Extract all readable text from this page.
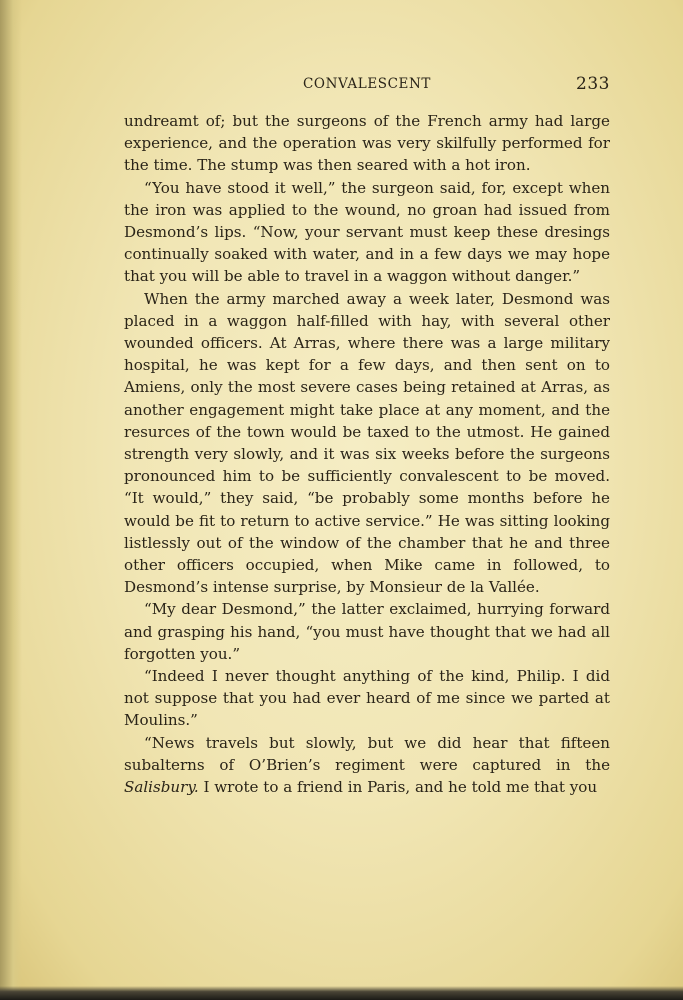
CONVALESCENT	233

undreamt of; but the surgeons of the French army had large experience, and the operation was very skilfully performed for the time. The stump was then seared with a hot iron.

“You have stood it well,” the surgeon said, for, except when the iron was applied to the wound, no groan had issued from Desmond’s lips. “Now, your servant must keep these dresings continually soaked with water, and in a few days we may hope that you will be able to travel in a waggon without danger.”

When the army marched away a week later, Desmond was placed in a waggon half-filled with hay, with several other wounded officers. At Arras, where there was a large military hospital, he was kept for a few days, and then sent on to Amiens, only the most severe cases being retained at Arras, as another engagement might take place at any moment, and the resurces of the town would be taxed to the utmost. He gained strength very slowly, and it was six weeks before the surgeons pronounced him to be sufficiently convalescent to be moved. “It would,” they said, “be probably some months before he would be fit to return to active service.” He was sitting looking listlessly out of the window of the chamber that he and three other officers occupied, when Mike came in followed, to Desmond’s intense surprise, by Monsieur de la Vallée.

“My dear Desmond,” the latter exclaimed, hurrying forward and grasping his hand, “you must have thought that we had all forgotten you.”

“Indeed I never thought anything of the kind, Philip. I did not suppose that you had ever heard of me since we parted at Moulins.”

“News travels but slowly, but we did hear that fifteen subalterns of O’Brien’s regiment were captured in the Salisbury. I wrote to a friend in Paris, and he told me that you
